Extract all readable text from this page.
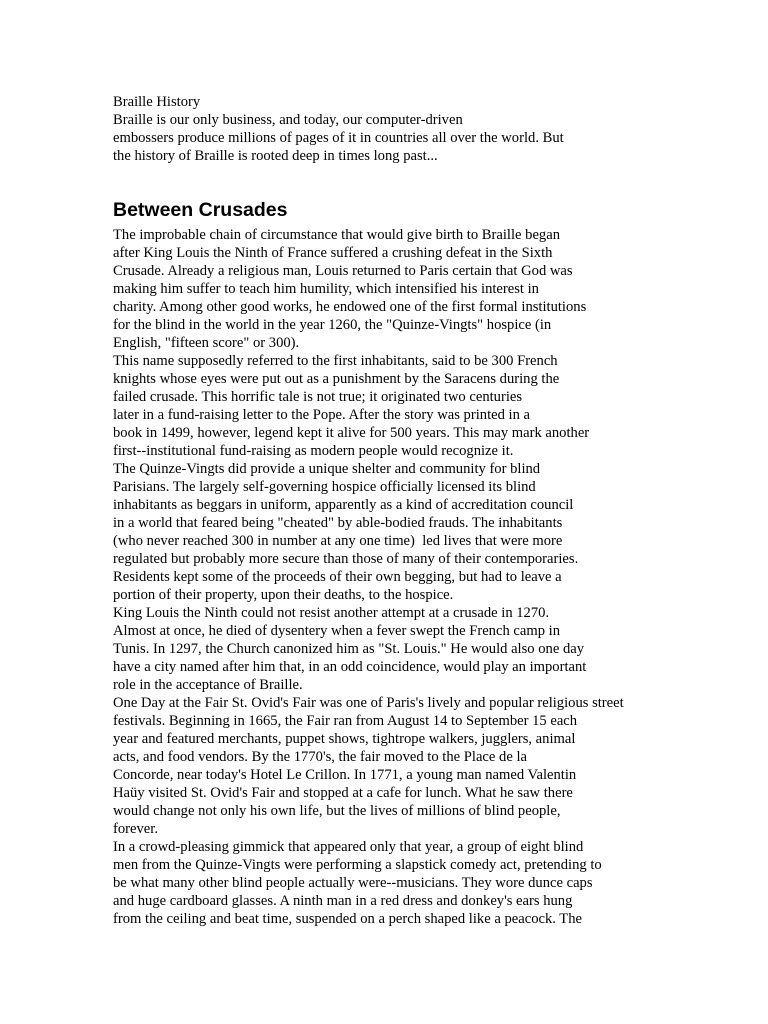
Braille History
Braille is our only business, and today, our computer-driven
embossers produce millions of pages of it in countries all over the world. But
the history of Braille is rooted deep in times long past...
Between Crusades
The improbable chain of circumstance that would give birth to Braille began
after King Louis the Ninth of France suffered a crushing defeat in the Sixth
Crusade. Already a religious man, Louis returned to Paris certain that God was
making him suffer to teach him humility, which intensified his interest in
charity. Among other good works, he endowed one of the first formal institutions
for the blind in the world in the year 1260, the "Quinze-Vingts" hospice (in
English, "fifteen score" or 300).
This name supposedly referred to the first inhabitants, said to be 300 French
knights whose eyes were put out as a punishment by the Saracens during the
failed crusade. This horrific tale is not true; it originated two centuries
later in a fund-raising letter to the Pope. After the story was printed in a
book in 1499, however, legend kept it alive for 500 years. This may mark another
first--institutional fund-raising as modern people would recognize it.
The Quinze-Vingts did provide a unique shelter and community for blind
Parisians. The largely self-governing hospice officially licensed its blind
inhabitants as beggars in uniform, apparently as a kind of accreditation council
in a world that feared being "cheated" by able-bodied frauds. The inhabitants
(who never reached 300 in number at any one time)  led lives that were more
regulated but probably more secure than those of many of their contemporaries.
Residents kept some of the proceeds of their own begging, but had to leave a
portion of their property, upon their deaths, to the hospice.
King Louis the Ninth could not resist another attempt at a crusade in 1270.
Almost at once, he died of dysentery when a fever swept the French camp in
Tunis. In 1297, the Church canonized him as "St. Louis." He would also one day
have a city named after him that, in an odd coincidence, would play an important
role in the acceptance of Braille.
One Day at the Fair St. Ovid's Fair was one of Paris's lively and popular religious street
festivals. Beginning in 1665, the Fair ran from August 14 to September 15 each
year and featured merchants, puppet shows, tightrope walkers, jugglers, animal
acts, and food vendors. By the 1770's, the fair moved to the Place de la
Concorde, near today's Hotel Le Crillon. In 1771, a young man named Valentin
Haüy visited St. Ovid's Fair and stopped at a cafe for lunch. What he saw there
would change not only his own life, but the lives of millions of blind people,
forever.
In a crowd-pleasing gimmick that appeared only that year, a group of eight blind
men from the Quinze-Vingts were performing a slapstick comedy act, pretending to
be what many other blind people actually were--musicians. They wore dunce caps
and huge cardboard glasses. A ninth man in a red dress and donkey's ears hung
from the ceiling and beat time, suspended on a perch shaped like a peacock. The
